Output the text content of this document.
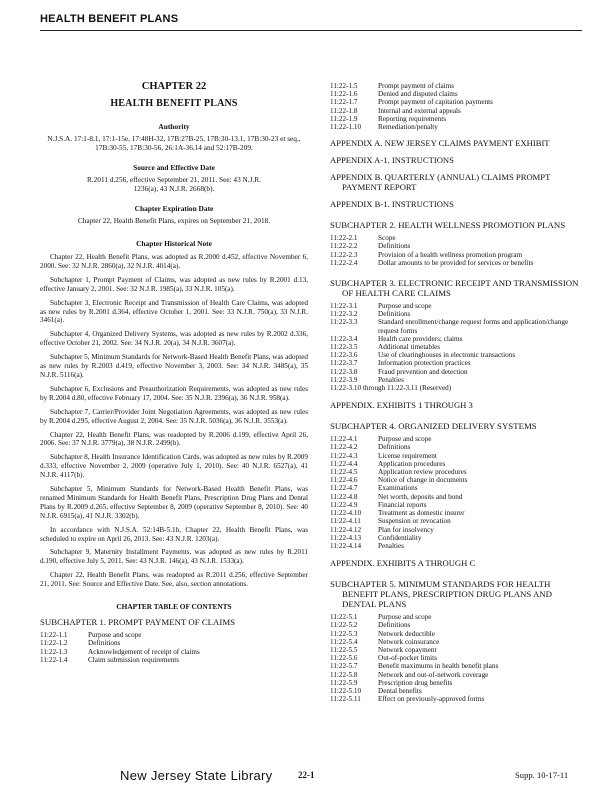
HEALTH BENEFIT PLANS

CHAPTER 22

HEALTH BENEFIT PLANS

Authority

N.J.S.A. 17:1-8.1, 17:1-15e, 17:48H-32, 17B:27B-25, 17B:30-13.1, 17B:30-23 et seq., 17B:30-55, 17B:30-56, 26:1A-36.14 and 52:17B-209.

Source and Effective Date

R.2011 d.256, effective September 21, 2011. See: 43 N.J.R. 1236(a), 43 N.J.R. 2668(b).

Chapter Expiration Date

Chapter 22, Health Benefit Plans, expires on September 21, 2018.

Chapter Historical Note

Chapter 22, Health Benefit Plans, was adopted as R.2000 d.452, effective November 6, 2000. See: 32 N.J.R. 2860(a), 32 N.J.R. 4014(a).

Subchapter 1, Prompt Payment of Claims, was adopted as new rules by R.2001 d.13, effective January 2, 2001. See: 32 N.J.R. 1985(a), 33 N.J.R. 105(a).

Subchapter 3, Electronic Receipt and Transmission of Health Care Claims, was adopted as new rules by R.2001 d.364, effective October 1, 2001. See: 33 N.J.R. 750(a), 33 N.J.R. 3461(a).

Subchapter 4, Organized Delivery Systems, was adopted as new rules by R.2002 d.336, effective October 21, 2002. See: 34 N.J.R. 20(a), 34 N.J.R. 3607(a).

Subchapter 5, Minimum Standards for Network-Based Health Benefit Plans, was adopted as new rules by R.2003 d.419, effective November 3, 2003. See: 34 N.J.R. 3485(a), 35 N.J.R. 5116(a).

Subchapter 6, Exclusions and Preauthorization Requirements, was adopted as new rules by R.2004 d.80, effective February 17, 2004. See: 35 N.J.R. 2396(a), 36 N.J.R. 958(a).

Subchapter 7, Carrier/Provider Joint Negotiation Agreements, was adopted as new rules by R.2004 d.295, effective August 2, 2004. See: 35 N.J.R. 5036(a), 36 N.J.R. 3553(a).

Chapter 22, Health Benefit Plans, was readopted by R.2006 d.199, effective April 26, 2006. See: 37 N.J.R. 3779(a), 38 N.J.R. 2499(b).

Subchapter 8, Health Insurance Identification Cards, was adopted as new rules by R.2009 d.333, effective November 2, 2009 (operative July 1, 2010). See: 40 N.J.R. 6527(a), 41 N.J.R. 4117(b).

Subchapter 5, Minimum Standards for Network-Based Health Benefit Plans, was renamed Minimum Standards for Health Benefit Plans, Prescription Drug Plans and Dental Plans by R.2009 d.265, effective September 8, 2009 (operative September 8, 2010). See: 40 N.J.R. 6915(a), 41 N.J.R. 3302(b).

In accordance with N.J.S.A. 52:14B-5.1b, Chapter 22, Health Benefit Plans, was scheduled to expire on April 26, 2013. See: 43 N.J.R. 1203(a).

Subchapter 9, Maternity Installment Payments, was adopted as new rules by R.2011 d.190, effective July 5, 2011. See: 43 N.J.R. 146(a), 43 N.J.R. 1533(a).

Chapter 22, Health Benefit Plans, was readopted as R.2011 d.256, effective September 21, 2011. See: Source and Effective Date. See, also, section annotations.

CHAPTER TABLE OF CONTENTS

SUBCHAPTER 1. PROMPT PAYMENT OF CLAIMS

11:22-1.1	Purpose and scope
11:22-1.2	Definitions
11:22-1.3	Acknowledgement of receipt of claims
11:22-1.4	Claim submission requirements
11:22-1.5	Prompt payment of claims
11:22-1.6	Denied and disputed claims
11:22-1.7	Prompt payment of capitation payments
11:22-1.8	Internal and external appeals
11:22-1.9	Reporting requirements
11:22-1.10	Remediation/penalty

APPENDIX A. NEW JERSEY CLAIMS PAYMENT EXHIBIT

APPENDIX A-1. INSTRUCTIONS

APPENDIX B. QUARTERLY (ANNUAL) CLAIMS PROMPT PAYMENT REPORT

APPENDIX B-1. INSTRUCTIONS

SUBCHAPTER 2. HEALTH WELLNESS PROMOTION PLANS

11:22-2.1	Scope
11:22-2.2	Definitions
11:22-2.3	Provision of a health wellness promotion program
11:22-2.4	Dollar amounts to be provided for services or benefits

SUBCHAPTER 3. ELECTRONIC RECEIPT AND TRANSMISSION OF HEALTH CARE CLAIMS

11:22-3.1	Purpose and scope
11:22-3.2	Definitions
11:22-3.3	Standard enrollment/change request forms and application/change request forms
11:22-3.4	Health care providers; claims
11:22-3.5	Additional timetables
11:22-3.6	Use of clearinghouses in electronic transactions
11:22-3.7	Information protection practices
11:22-3.8	Fraud prevention and detection
11:22-3.9	Penalties
11:22-3.10 through 11:22-3.11 (Reserved)

APPENDIX. EXHIBITS 1 THROUGH 3

SUBCHAPTER 4. ORGANIZED DELIVERY SYSTEMS

11:22-4.1	Purpose and scope
11:22-4.2	Definitions
11:22-4.3	License requirement
11:22-4.4	Application procedures
11:22-4.5	Application review procedures
11:22-4.6	Notice of change in documents
11:22-4.7	Examinations
11:22-4.8	Net worth, deposits and bond
11:22-4.9	Financial reports
11:22-4.10	Treatment as domestic insurer
11:22-4.11	Suspension or revocation
11:22-4.12	Plan for insolvency
11:22-4.13	Confidentiality
11:22-4.14	Penalties

APPENDIX. EXHIBITS A THROUGH C

SUBCHAPTER 5. MINIMUM STANDARDS FOR HEALTH BENEFIT PLANS, PRESCRIPTION DRUG PLANS AND DENTAL PLANS

11:22-5.1	Purpose and scope
11:22-5.2	Definitions
11:22-5.3	Network deductible
11:22-5.4	Network coinsurance
11:22-5.5	Network copayment
11:22-5.6	Out-of-pocket limits
11:22-5.7	Benefit maximums in health benefit plans
11:22-5.8	Network and out-of-network coverage
11:22-5.9	Prescription drug benefits
11:22-5.10	Dental benefits
11:22-5.11	Effect on previously-approved forms
New Jersey State Library	22-1	Supp. 10-17-11
